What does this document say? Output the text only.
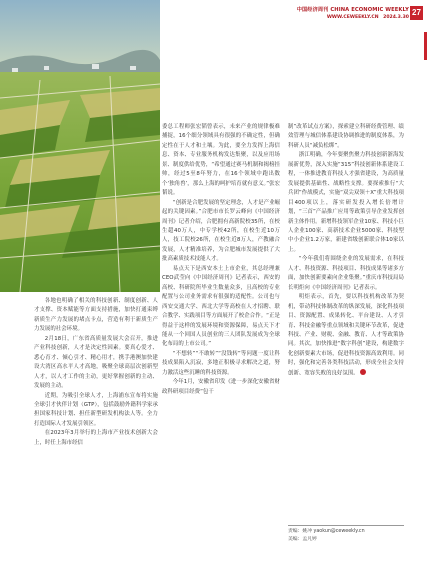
中国经济周刊 CHINA ECONOMIC WEEKLY
WWW.CEWEEKLY.CN　2024.3.30
27

各地也明确了相关的科技创新、制度创新、人才支撑、资本赋能等方面支持措施，加快打通束缚新质生产力发展的堵点卡点，营造有利于新质生产力发展的社会环境。

2月18日，广东省高质量发展大会召开，推进产业科技创新，人才是决定性因素。要真心爱才、悉心育才、倾心引才、精心用才，携手港澳加快建设大湾区高水平人才高地，吸聚全球高层次创新型人才，以人才工作的主动，更好掌握创新的主动、发展的主动。

近期，为吸引全球人才，上海浦东宣布将实施全球引才伙伴计划（GTP），包括鼓励外籍科学家承担国家科技计划、担任新型研发机构法人等。全力打造国际人才发展引领区。

在2023年3月举行的上海市产业技术创新大会上，时任上海市经信

委总工程师张宏韬曾表示，未来产业的规律极难捕捉，16个细分领域具有很强的不确定性，但确定性在于人才和土壤。为此，要全力发挥上海信息、资本、专业服务机构发达集聚，以及应用场景、制度供给优势，“希望通过赛马机制和揭榜挂帅，经过5至8年努力，在16个领域中跑出数个‘独角兽’，那么上海的呵护培育就有意义。”张宏韬说。

“创新是合肥发展的坚定理念，人才是产业崛起的关键因素。”合肥市市长罗云峰向《中国经济周刊》记者介绍，合肥拥有高新院校35所，在校生超40万人，中专学校42所，在校生近10万人，技工院校26所，在校生近8万人，产教融合发展，人才精准培养，为合肥城市发展提供了大批高素质技术技能人才。

易点天下是西安本土上市企业，其总经理兼CEO武莹向《中国经济周刊》记者表示，西安的高校、科研院所毕业生数量众多，且高校的专业配置与公司业务需求有很强的适配性。公司也与西安交通大学、西北大学等高校在人才招聘、联合教学、实践项目等方面展开了校企合作。“正是得益于这样的发展环境和资源保障，易点天下才能从一个回国人员创业的三人团队发展成为全球化布局的上市公司。”

“不想转”“不敢转”“没钱转”等问题一度让科技成果陷入沉寂，多地正积极寻求解决之道，努力激活这些沉睡的科技资源。

今年1月，安徽省印发《进一步深化安徽省财政科研项目经费“包干

制”改革试点方案》，探索建立科研经费管理、绩效管理与城信体系建设协调推进的制度体系，为科研人员“减负松绑”。

浙江明确，今年要聚焦聚力科技创新浙海发展新优势，深入实施“315”科技创新体系建设工程，一体推进教育科技人才强省建设，为高质量发展提供基础性、战略性支撑。要探索推行“大兵团”作战模式，实施“双尖双领＋X”重大科技项目400项以上，落实研发投入增长倍增计划，“三首”产品推广应用等政策引导企业发挥创新主体作用。新增科技领军企业10家、科技小巨人企业100家、高新技术企业5000家、科技型中小企业1.2万家，新建省级创新联合体10家以上。

“今年我们将围绕企业的发展需求，在科技人才、科技资源、科技项目、科技成果等诸多方面，加快创新要素向企业集聚。”重庆市科技局局长明炬向《中国经济周刊》记者表示。

明炬表示，首先，要以科技机构改革为契机，带动科技体制改革的纵深发展，深化科技项目、资源配置、成果转化、平台建设、人才引育、科技金融等重点领域和关键环节改革，促进科技、产业、财税、金融、教育、人才等政策协同。其次，加快推进“数字科创”建设，构建数字化创新要素大市场，促进科技资源高效利用。同时，强化和完善各类科技活动，形成全社会支持创新、宽容失败的良好氛围。

责编：姚冲 yaokun@ceweekly.cn
美编：孟凡婷
